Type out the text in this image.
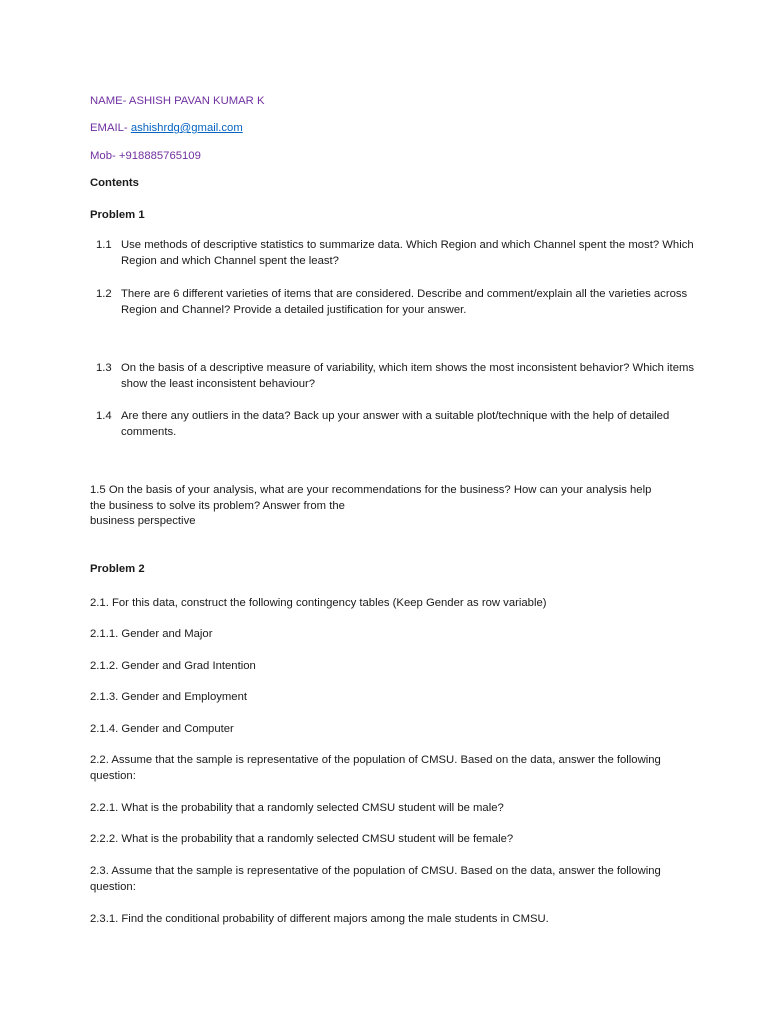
NAME- ASHISH PAVAN KUMAR K
EMAIL- ashishrdg@gmail.com
Mob- +918885765109
Contents
Problem 1
1.1 Use methods of descriptive statistics to summarize data. Which Region and which Channel spent the most? Which Region and which Channel spent the least?
1.2 There are 6 different varieties of items that are considered. Describe and comment/explain all the varieties across Region and Channel? Provide a detailed justification for your answer.
1.3 On the basis of a descriptive measure of variability, which item shows the most inconsistent behavior? Which items show the least inconsistent behaviour?
1.4 Are there any outliers in the data? Back up your answer with a suitable plot/technique with the help of detailed comments.
1.5 On the basis of your analysis, what are your recommendations for the business? How can your analysis help
the business to solve its problem? Answer from the
business perspective
Problem 2
2.1. For this data, construct the following contingency tables (Keep Gender as row variable)
2.1.1. Gender and Major
2.1.2. Gender and Grad Intention
2.1.3. Gender and Employment
2.1.4. Gender and Computer
2.2. Assume that the sample is representative of the population of CMSU. Based on the data, answer the following question:
2.2.1. What is the probability that a randomly selected CMSU student will be male?
2.2.2. What is the probability that a randomly selected CMSU student will be female?
2.3. Assume that the sample is representative of the population of CMSU. Based on the data, answer the following question:
2.3.1. Find the conditional probability of different majors among the male students in CMSU.
